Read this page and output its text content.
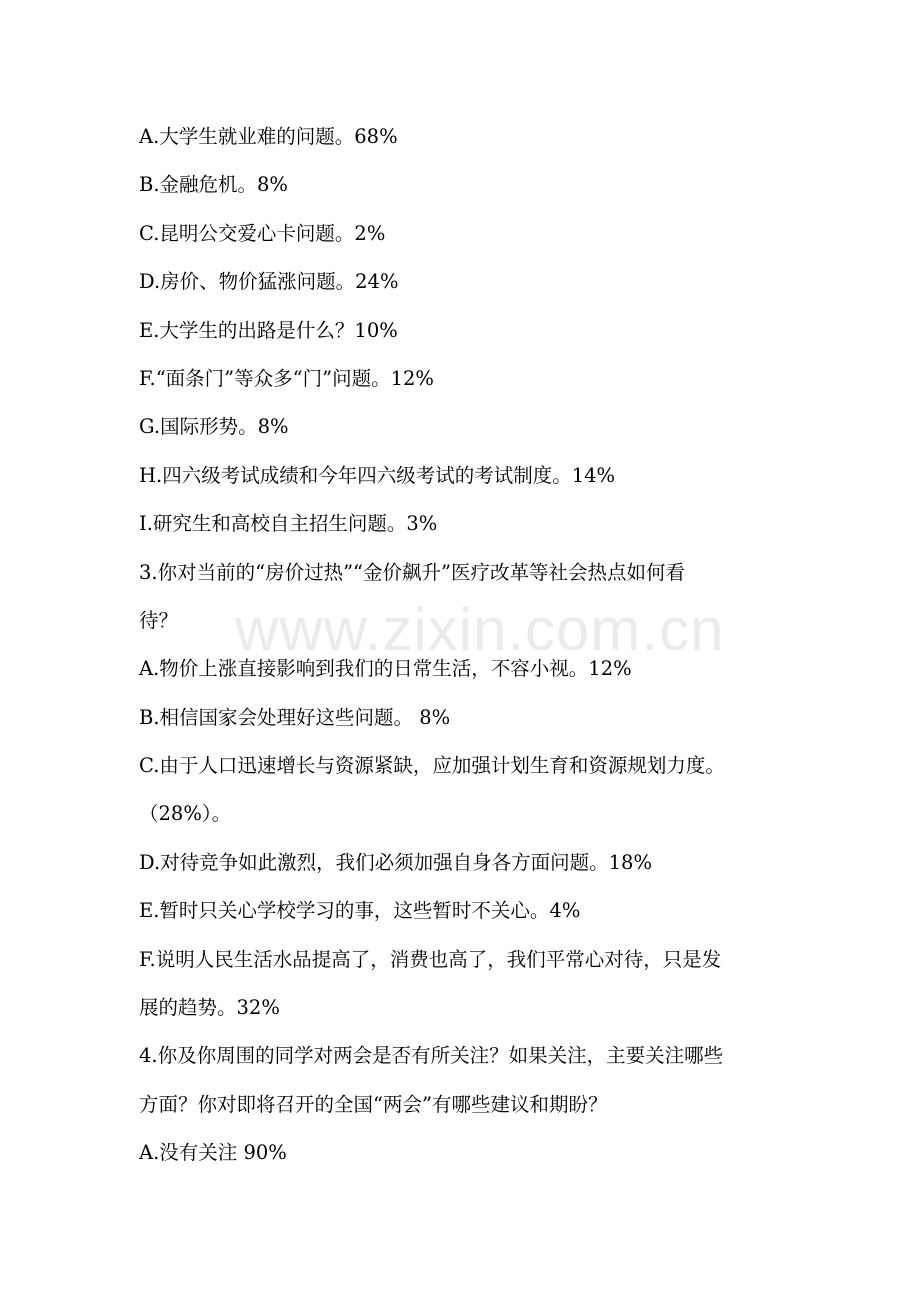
A.大学生就业难的问题。68%
B.金融危机。8%
C.昆明公交爱心卡问题。2%
D.房价、物价猛涨问题。24%
E.大学生的出路是什么？10%
F.“面条门”等众多“门”问题。12%
G.国际形势。8%
H.四六级考试成绩和今年四六级考试的考试制度。14%
I.研究生和高校自主招生问题。3%
3.你对当前的“房价过热”“金价飙升”医疗改革等社会热点如何看
待？
A.物价上涨直接影响到我们的日常生活，不容小视。12%
B.相信国家会处理好这些问题。 8%
C.由于人口迅速增长与资源紧缺，应加强计划生育和资源规划力度。
（28%）。
D.对待竞争如此激烈，我们必须加强自身各方面问题。18%
E.暂时只关心学校学习的事，这些暂时不关心。4%
F.说明人民生活水品提高了，消费也高了，我们平常心对待，只是发
展的趋势。32%
4.你及你周围的同学对两会是否有所关注？如果关注，主要关注哪些
方面？你对即将召开的全国“两会”有哪些建议和期盼？
A.没有关注 90%
www.zixin.com.cn
